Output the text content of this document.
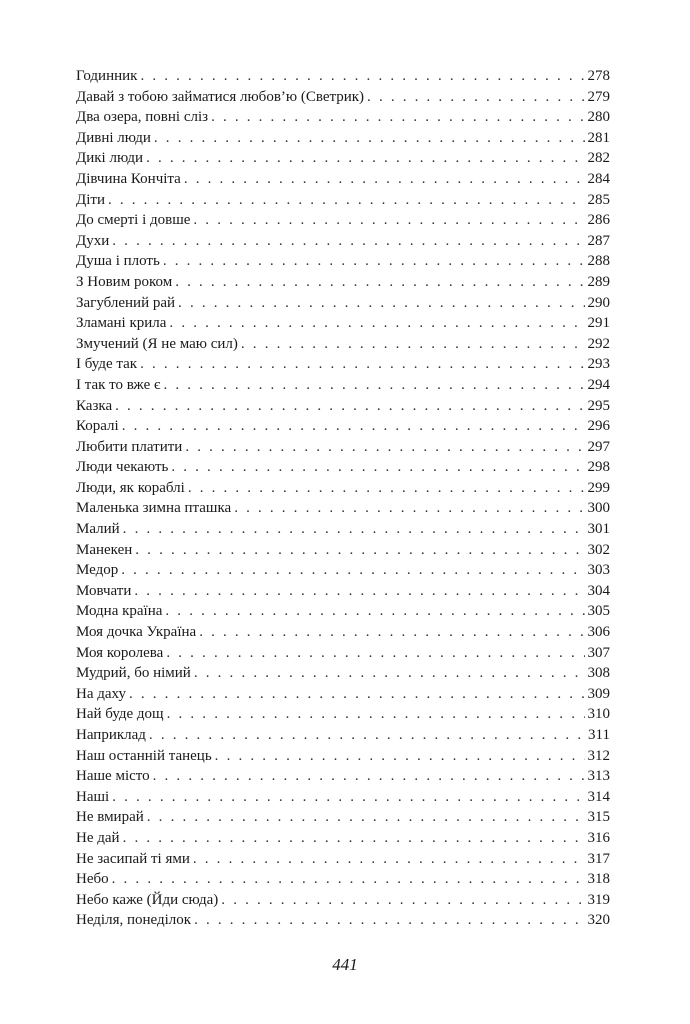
Годинник . . .	278
Давай з тобою займатися любов’ю (Светрик) . . .	279
Два озера, повні сліз . . .	280
Дивні люди . . .	281
Дикі люди . . .	282
Дівчина Кончіта . . .	284
Діти . . .	285
До смерті і довше . . .	286
Духи . . .	287
Душа і плоть . . .	288
З Новим роком . . .	289
Загублений рай . . .	290
Зламані крила . . .	291
Змучений (Я не маю сил) . . .	292
І буде так . . .	293
І так то вже є . . .	294
Казка . . .	295
Коралі . . .	296
Любити платити . . .	297
Люди чекають . . .	298
Люди, як кораблі . . .	299
Маленька зимна пташка . . .	300
Малий . . .	301
Манекен . . .	302
Медор . . .	303
Мовчати . . .	304
Модна країна . . .	305
Моя дочка Україна . . .	306
Моя королева . . .	307
Мудрий, бо німий . . .	308
На даху . . .	309
Най буде дощ . . .	310
Наприклад . . .	311
Наш останній танець . . .	312
Наше місто . . .	313
Наші . . .	314
Не вмирай . . .	315
Не дай . . .	316
Не засипай ті ями . . .	317
Небо . . .	318
Небо каже (Йди сюда) . . .	319
Неділя, понеділок . . .	320
441
